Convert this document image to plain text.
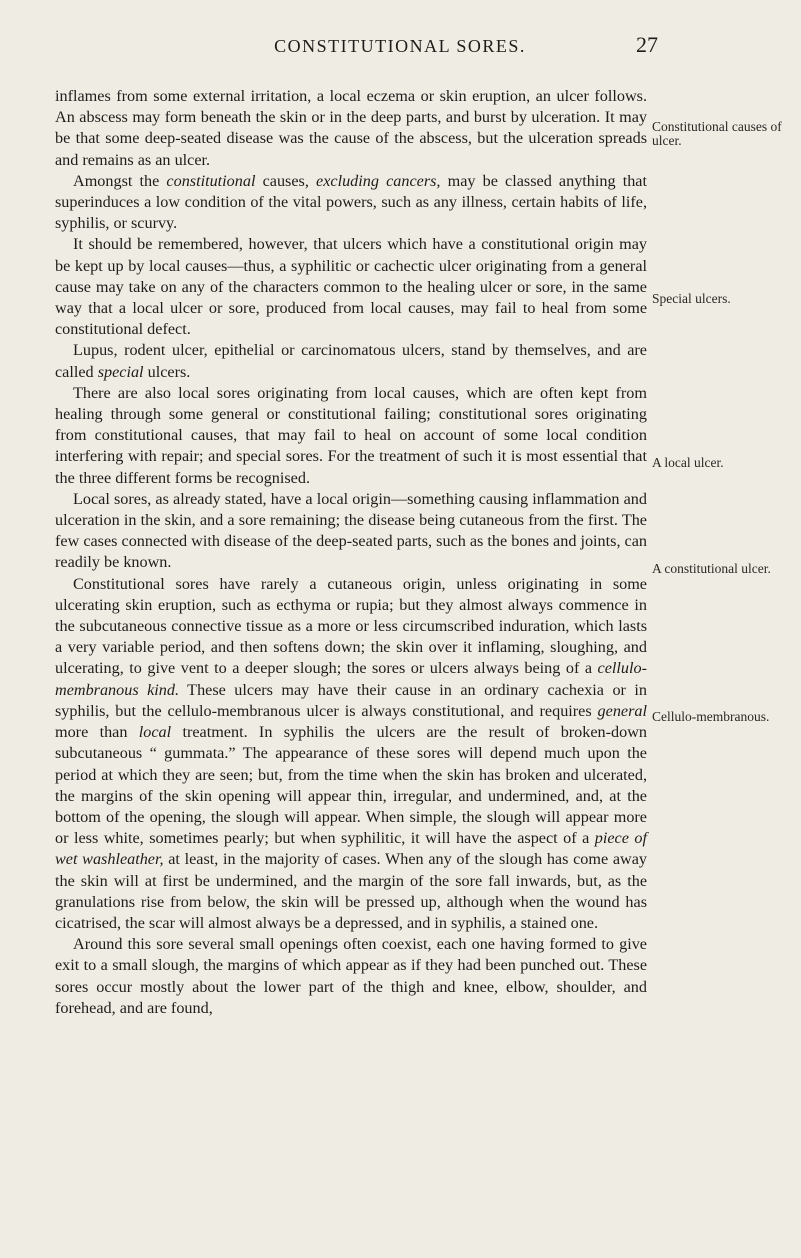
CONSTITUTIONAL SORES.	27

inflames from some external irritation, a local eczema or skin eruption, an ulcer follows. An abscess may form beneath the skin or in the deep parts, and burst by ulceration. It may be that some deep-seated disease was the cause of the abscess, but the ulceration spreads and remains as an ulcer.

Amongst the constitutional causes, excluding cancers, may be classed anything that superinduces a low condition of the vital powers, such as any illness, certain habits of life, syphilis, or scurvy.

It should be remembered, however, that ulcers which have a constitutional origin may be kept up by local causes—thus, a syphilitic or cachectic ulcer originating from a general cause may take on any of the characters common to the healing ulcer or sore, in the same way that a local ulcer or sore, produced from local causes, may fail to heal from some constitutional defect.

Lupus, rodent ulcer, epithelial or carcinomatous ulcers, stand by themselves, and are called special ulcers.

There are also local sores originating from local causes, which are often kept from healing through some general or constitutional failing; constitutional sores originating from constitutional causes, that may fail to heal on account of some local condition interfering with repair; and special sores. For the treatment of such it is most essential that the three different forms be recognised.

Local sores, as already stated, have a local origin—something causing inflammation and ulceration in the skin, and a sore remaining; the disease being cutaneous from the first. The few cases connected with disease of the deep-seated parts, such as the bones and joints, can readily be known.

Constitutional sores have rarely a cutaneous origin, unless originating in some ulcerating skin eruption, such as ecthyma or rupia; but they almost always commence in the subcutaneous connective tissue as a more or less circumscribed induration, which lasts a very variable period, and then softens down; the skin over it inflaming, sloughing, and ulcerating, to give vent to a deeper slough; the sores or ulcers always being of a cellulo-membranous kind. These ulcers may have their cause in an ordinary cachexia or in syphilis, but the cellulo-membranous ulcer is always constitutional, and requires general more than local treatment. In syphilis the ulcers are the result of broken-down subcutaneous “ gummata.” The appearance of these sores will depend much upon the period at which they are seen; but, from the time when the skin has broken and ulcerated, the margins of the skin opening will appear thin, irregular, and undermined, and, at the bottom of the opening, the slough will appear. When simple, the slough will appear more or less white, sometimes pearly; but when syphilitic, it will have the aspect of a piece of wet washleather, at least, in the majority of cases. When any of the slough has come away the skin will at first be undermined, and the margin of the sore fall inwards, but, as the granulations rise from below, the skin will be pressed up, although when the wound has cicatrised, the scar will almost always be a depressed, and in syphilis, a stained one.

Around this sore several small openings often coexist, each one having formed to give exit to a small slough, the margins of which appear as if they had been punched out. These sores occur mostly about the lower part of the thigh and knee, elbow, shoulder, and forehead, and are found,

Constitutional causes of ulcer.
Special ulcers.
A local ulcer.
A constitutional ulcer.
Cellulo-membranous.
